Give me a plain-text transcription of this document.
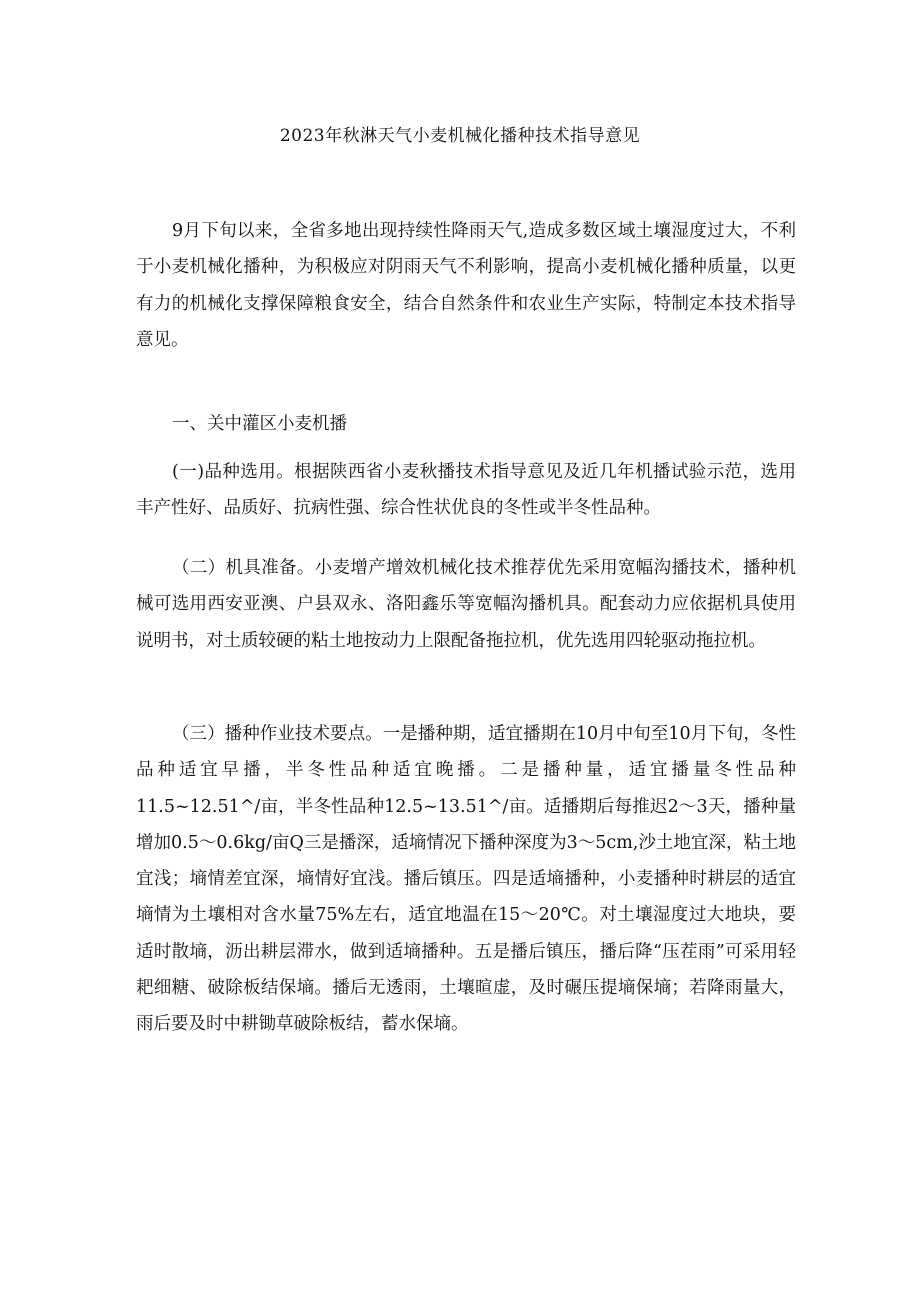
2023年秋淋天气小麦机械化播种技术指导意见

9月下旬以来，全省多地出现持续性降雨天气,造成多数区域土壤湿度过大，不利于小麦机械化播种，为积极应对阴雨天气不利影响，提高小麦机械化播种质量，以更有力的机械化支撑保障粮食安全，结合自然条件和农业生产实际，特制定本技术指导意见。

一、关中灌区小麦机播

(一)品种选用。根据陕西省小麦秋播技术指导意见及近几年机播试验示范，选用丰产性好、品质好、抗病性强、综合性状优良的冬性或半冬性品种。

（二）机具准备。小麦增产增效机械化技术推荐优先采用宽幅沟播技术，播种机械可选用西安亚澳、户县双永、洛阳鑫乐等宽幅沟播机具。配套动力应依据机具使用说明书，对土质较硬的粘土地按动力上限配备拖拉机，优先选用四轮驱动拖拉机。

（三）播种作业技术要点。一是播种期，适宜播期在10月中旬至10月下旬，冬性品种适宜早播，半冬性品种适宜晚播。二是播种量，适宜播量冬性品种11.5~12.51^/亩，半冬性品种12.5~13.51^/亩。适播期后每推迟2～3天，播种量增加0.5～0.6kg/亩Q三是播深，适墒情况下播种深度为3～5cm,沙土地宜深，粘土地宜浅；墒情差宜深，墒情好宜浅。播后镇压。四是适墒播种，小麦播种时耕层的适宜墒情为土壤相对含水量75%左右，适宜地温在15～20℃。对土壤湿度过大地块，要适时散墒，沥出耕层滞水，做到适墒播种。五是播后镇压，播后降“压茬雨”可采用轻耙细糖、破除板结保墒。播后无透雨，土壤暄虚，及时碾压提墒保墒；若降雨量大，雨后要及时中耕锄草破除板结，蓄水保墒。
